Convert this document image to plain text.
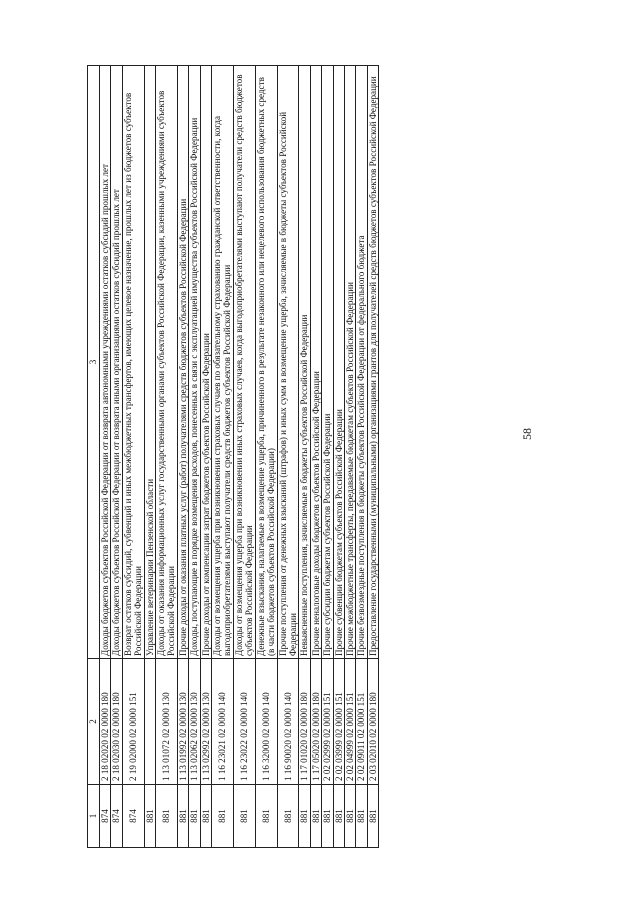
58
1	2	3
874	2 18 02020 02 0000 180	Доходы бюджетов субъектов Российской Федерации от возврата автономными учреждениями остатков субсидий прошлых лет
874	2 18 02030 02 0000 180	Доходы бюджетов субъектов Российской Федерации от возврата иными организациями остатков субсидий прошлых лет
874	2 19 02000 02 0000 151	Возврат остатков субсидий, субвенций и иных межбюджетных трансфертов, имеющих целевое назначение, прошлых лет из бюджетов субъектов Российской Федерации
881		Управление ветеринарии Пензенской области
881	1 13 01072 02 0000 130	Доходы от оказания информационных услуг государственными органами субъектов Российской Федерации, казенными учреждениями субъектов Российской Федерации
881	1 13 01992 02 0000 130	Прочие доходы от оказания платных услуг (работ) получателями средств бюджетов субъектов Российской Федерации
881	1 13 02062 02 0000 130	Доходы, поступающие в порядке возмещения расходов, понесенных в связи с эксплуатацией имущества субъектов Российской Федерации
881	1 13 02992 02 0000 130	Прочие доходы от компенсации затрат бюджетов субъектов Российской Федерации
881	1 16 23021 02 0000 140	Доходы от возмещения ущерба при возникновении страховых случаев по обязательному страхованию гражданской ответственности, когда выгодоприобретателями выступают получатели средств бюджетов субъектов Российской Федерации
881	1 16 23022 02 0000 140	Доходы от возмещения ущерба при возникновении иных страховых случаев, когда выгодоприобретателями выступают получатели средств бюджетов субъектов Российской Федерации
881	1 16 32000 02 0000 140	Денежные взыскания, налагаемые в возмещение ущерба, причиненного в результате незаконного или нецелевого использования бюджетных средств (в части бюджетов субъектов Российской Федерации)
881	1 16 90020 02 0000 140	Прочие поступления от денежных взысканий (штрафов) и иных сумм в возмещение ущерба, зачисляемые в бюджеты субъектов Российской Федерации
881	1 17 01020 02 0000 180	Невыясненные поступления, зачисляемые в бюджеты субъектов Российской Федерации
881	1 17 05020 02 0000 180	Прочие неналоговые доходы бюджетов субъектов Российской Федерации
881	2 02 02999 02 0000 151	Прочие субсидии бюджетам субъектов Российской Федерации
881	2 02 03999 02 0000 151	Прочие субвенции бюджетам субъектов Российской Федерации
881	2 02 04999 02 0000 151	Прочие межбюджетные трансферты, передаваемые бюджетам субъектов Российской Федерации
881	2 02 09011 02 0000 151	Прочие безвозмездные поступления в бюджеты субъектов Российской Федерации от федерального бюджета
881	2 03 02010 02 0000 180	Предоставление государственными (муниципальными) организациями грантов для получателей средств бюджетов субъектов Российской Федерации
